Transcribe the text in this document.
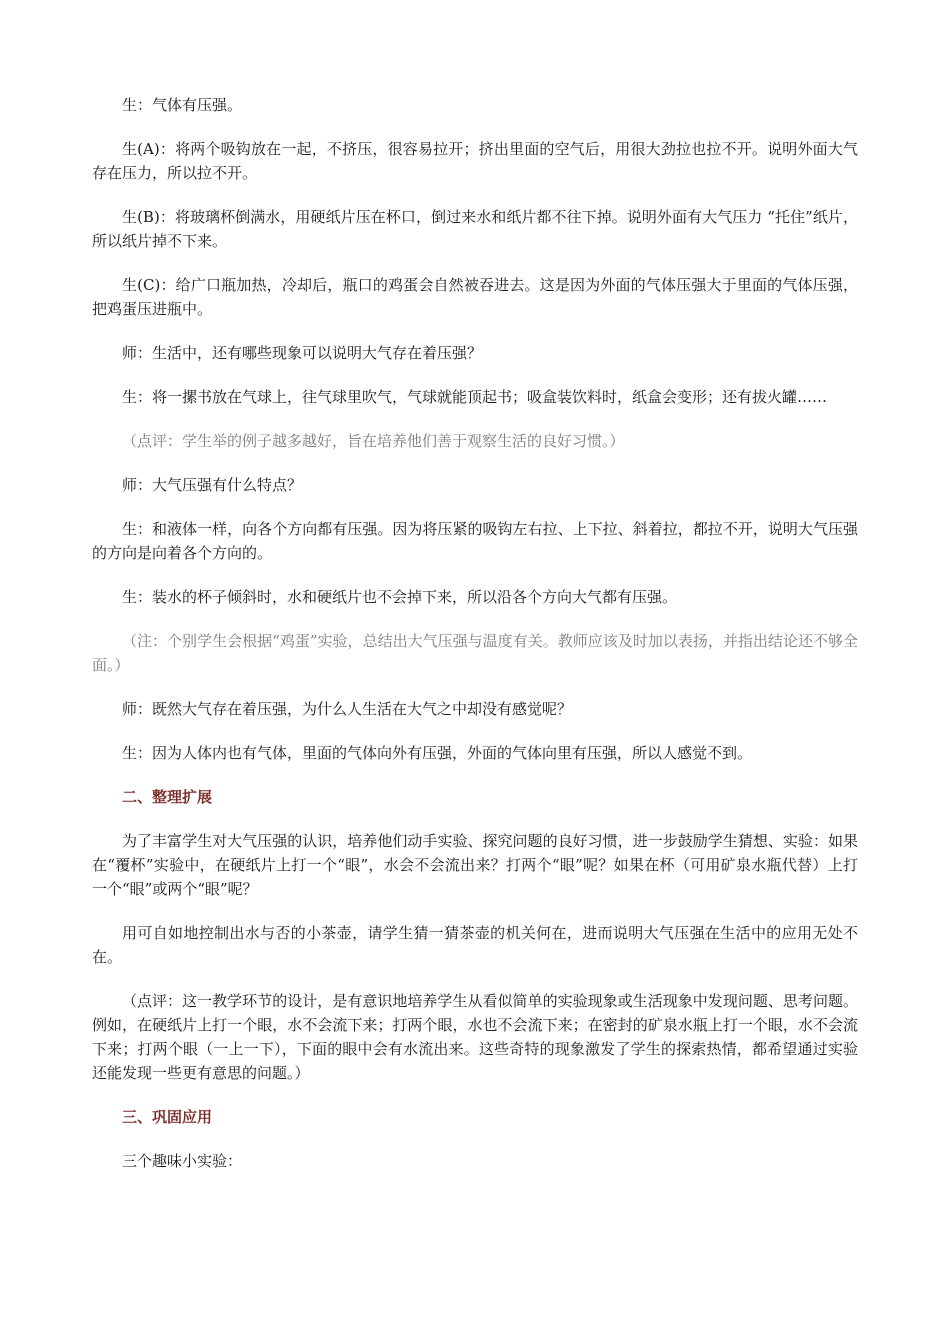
生：气体有压强。

生(A)：将两个吸钩放在一起，不挤压，很容易拉开；挤出里面的空气后，用很大劲拉也拉不开。说明外面大气存在压力，所以拉不开。

生(B)：将玻璃杯倒满水，用硬纸片压在杯口，倒过来水和纸片都不往下掉。说明外面有大气压力 “托住”纸片，所以纸片掉不下来。

生(C)：给广口瓶加热，冷却后，瓶口的鸡蛋会自然被吞进去。这是因为外面的气体压强大于里面的气体压强，把鸡蛋压进瓶中。

师：生活中，还有哪些现象可以说明大气存在着压强？

生：将一摞书放在气球上，往气球里吹气，气球就能顶起书；吸盒装饮料时，纸盒会变形；还有拔火罐……

（点评：学生举的例子越多越好，旨在培养他们善于观察生活的良好习惯。）

师：大气压强有什么特点？

生：和液体一样，向各个方向都有压强。因为将压紧的吸钩左右拉、上下拉、斜着拉，都拉不开，说明大气压强的方向是向着各个方向的。

生：装水的杯子倾斜时，水和硬纸片也不会掉下来，所以沿各个方向大气都有压强。

（注：个别学生会根据“鸡蛋”实验，总结出大气压强与温度有关。教师应该及时加以表扬，并指出结论还不够全面。）

师：既然大气存在着压强，为什么人生活在大气之中却没有感觉呢？

生：因为人体内也有气体，里面的气体向外有压强，外面的气体向里有压强，所以人感觉不到。

二、整理扩展

为了丰富学生对大气压强的认识，培养他们动手实验、探究问题的良好习惯，进一步鼓励学生猜想、实验：如果在“覆杯”实验中，在硬纸片上打一个“眼”，水会不会流出来？打两个“眼”呢？如果在杯（可用矿泉水瓶代替）上打一个“眼”或两个“眼”呢？

用可自如地控制出水与否的小茶壶，请学生猜一猜茶壶的机关何在，进而说明大气压强在生活中的应用无处不在。

（点评：这一教学环节的设计，是有意识地培养学生从看似简单的实验现象或生活现象中发现问题、思考问题。例如，在硬纸片上打一个眼，水不会流下来；打两个眼，水也不会流下来；在密封的矿泉水瓶上打一个眼，水不会流下来；打两个眼（一上一下），下面的眼中会有水流出来。这些奇特的现象激发了学生的探索热情，都希望通过实验还能发现一些更有意思的问题。）

三、巩固应用

三个趣味小实验：
